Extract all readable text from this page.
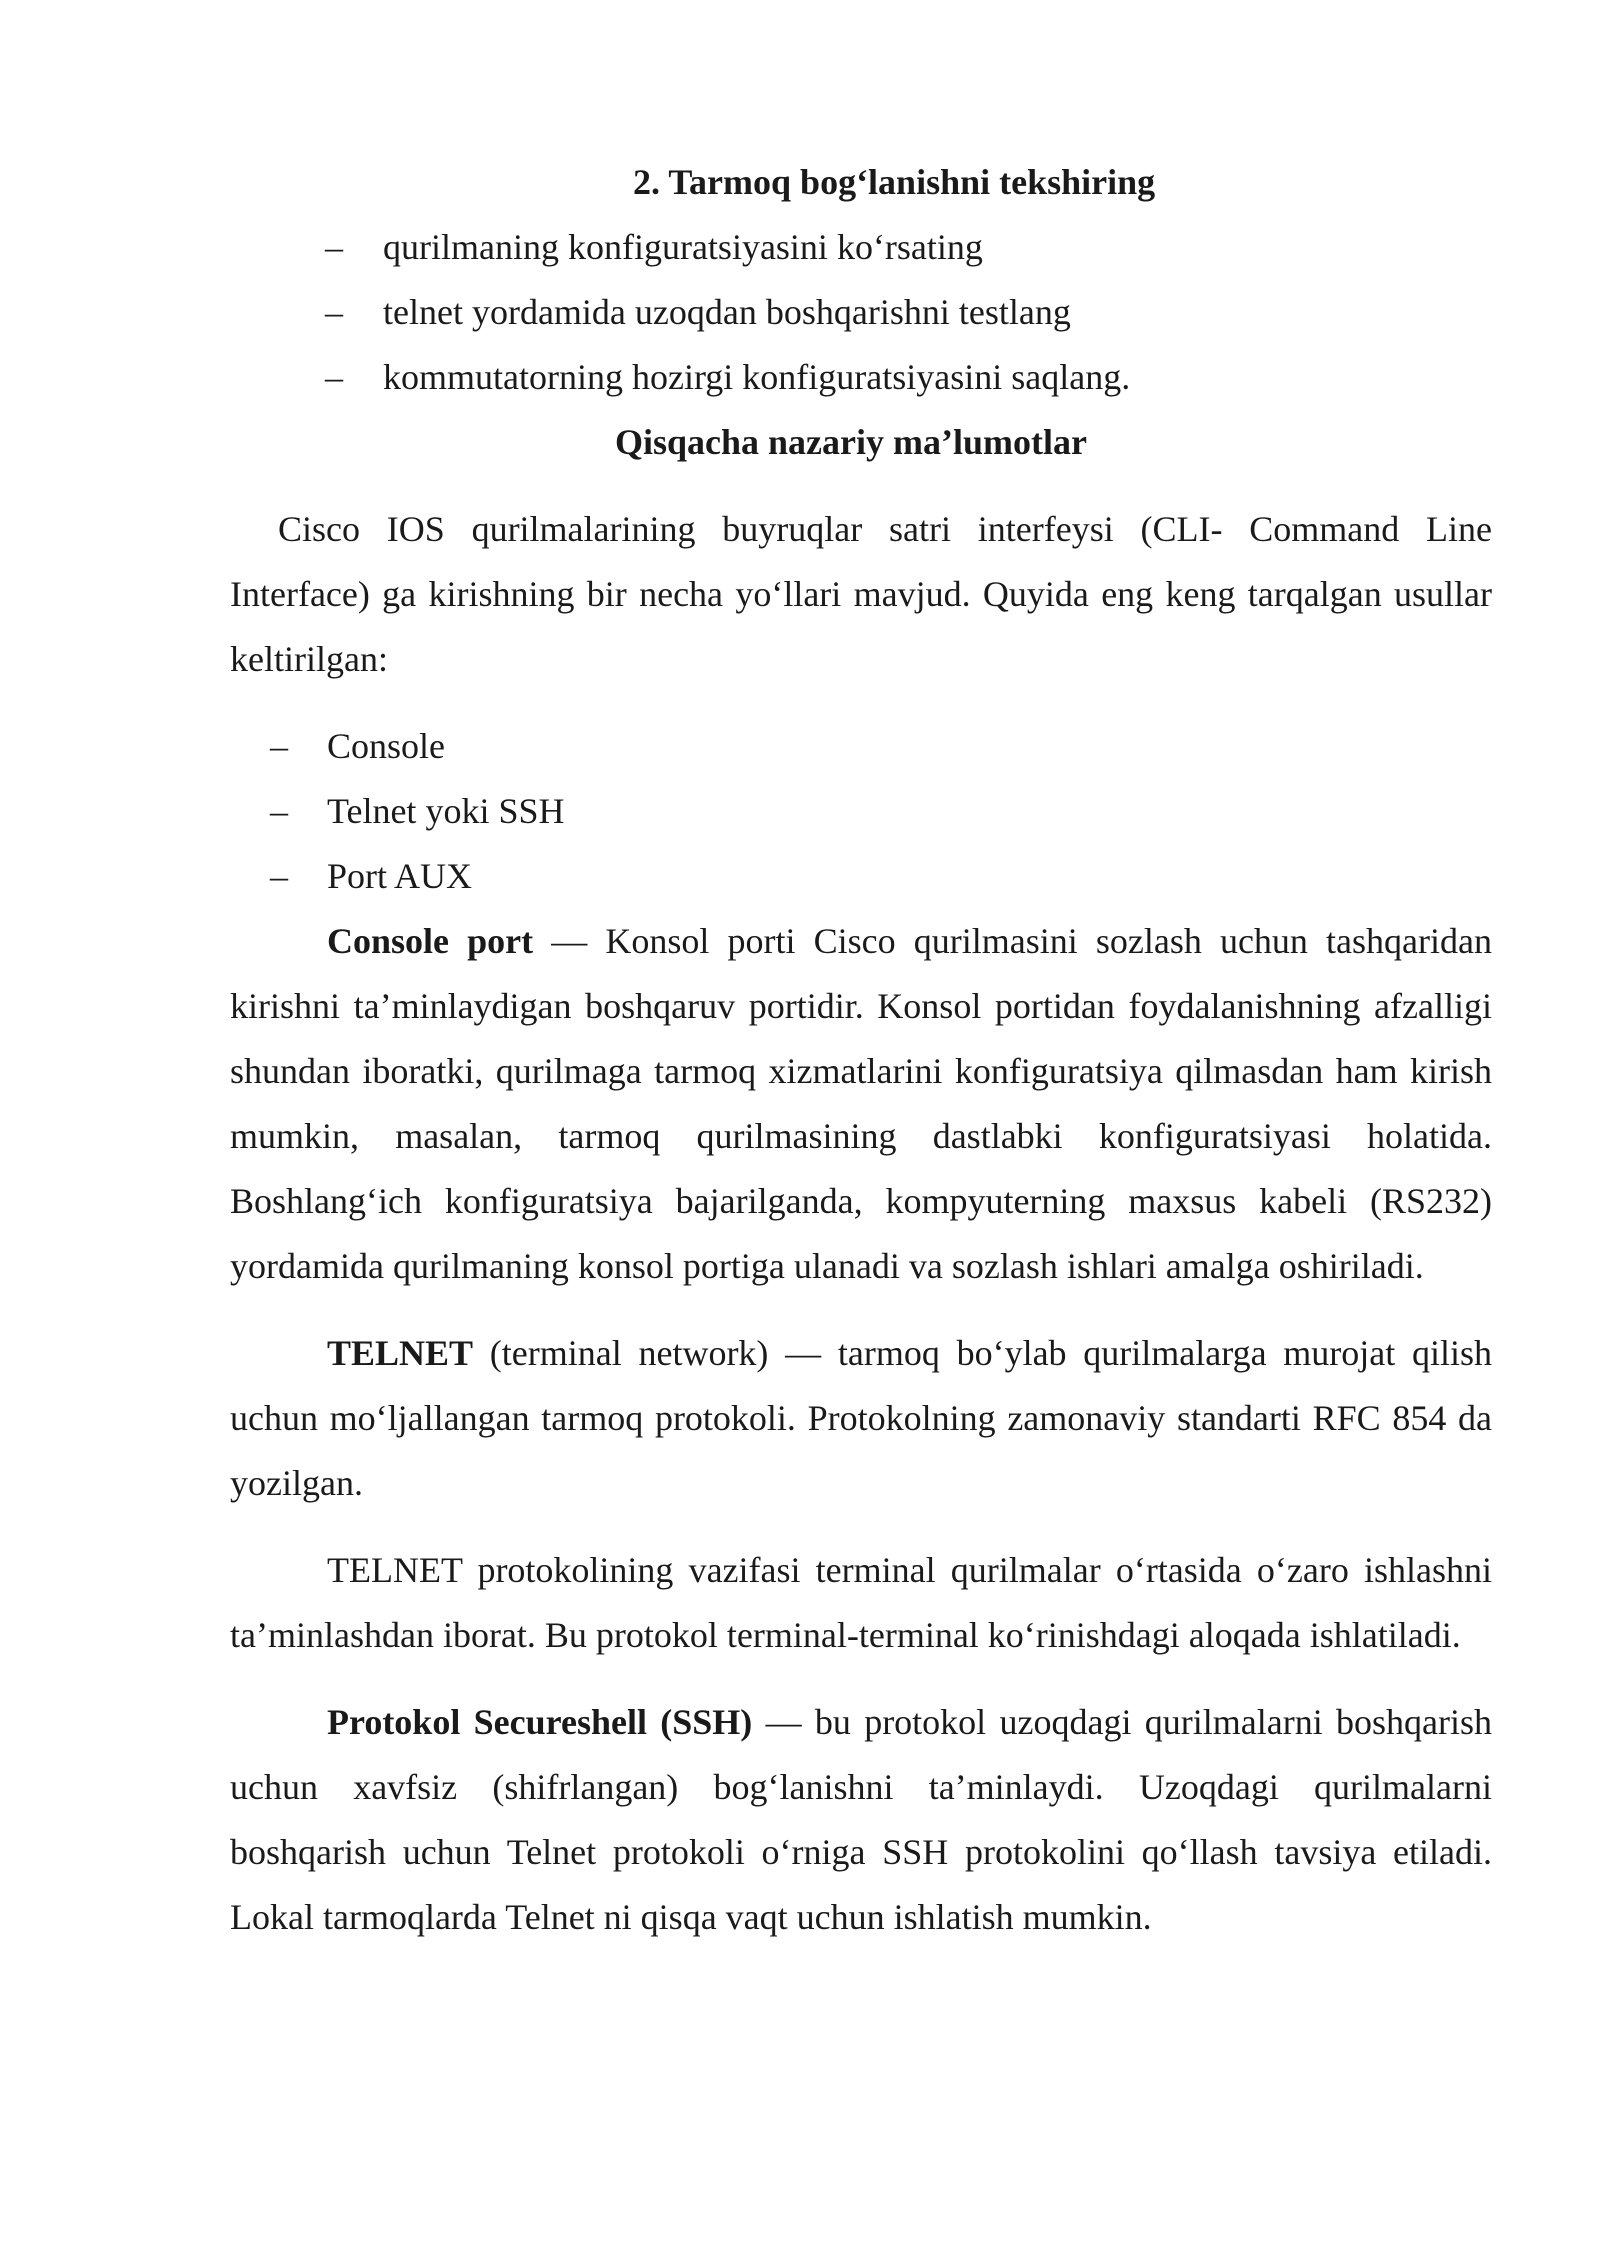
2. Tarmoq bog‘lanishni tekshiring
– qurilmaning konfiguratsiyasini ko‘rsating
– telnet yordamida uzoqdan boshqarishni testlang
– kommutatorning hozirgi konfiguratsiyasini saqlang.
Qisqacha nazariy ma’lumotlar

Cisco IOS qurilmalarining buyruqlar satri interfeysi (CLI- Command Line Interface) ga kirishning bir necha yo‘llari mavjud. Quyida eng keng tarqalgan usullar keltirilgan:

– Console
– Telnet yoki SSH
– Port AUX

Console port — Konsol porti Cisco qurilmasini sozlash uchun tashqaridan kirishni ta’minlaydigan boshqaruv portidir. Konsol portidan foydalanishning afzalligi shundan iboratki, qurilmaga tarmoq xizmatlarini konfiguratsiya qilmasdan ham kirish mumkin, masalan, tarmoq qurilmasining dastlabki konfiguratsiyasi holatida. Boshlang‘ich konfiguratsiya bajarilganda, kompyuterning maxsus kabeli (RS232) yordamida qurilmaning konsol portiga ulanadi va sozlash ishlari amalga oshiriladi.

TELNET (terminal network) — tarmoq bo‘ylab qurilmalarga murojat qilish uchun mo‘ljallangan tarmoq protokoli. Protokolning zamonaviy standarti RFC 854 da yozilgan.

TELNET protokolining vazifasi terminal qurilmalar o‘rtasida o‘zaro ishlashni ta’minlashdan iborat. Bu protokol terminal-terminal ko‘rinishdagi aloqada ishlatiladi.

Protokol Secureshell (SSH) — bu protokol uzoqdagi qurilmalarni boshqarish uchun xavfsiz (shifrlangan) bog‘lanishni ta’minlaydi. Uzoqdagi qurilmalarni boshqarish uchun Telnet protokoli o‘rniga SSH protokolini qo‘llash tavsiya etiladi. Lokal tarmoqlarda Telnet ni qisqa vaqt uchun ishlatish mumkin.
